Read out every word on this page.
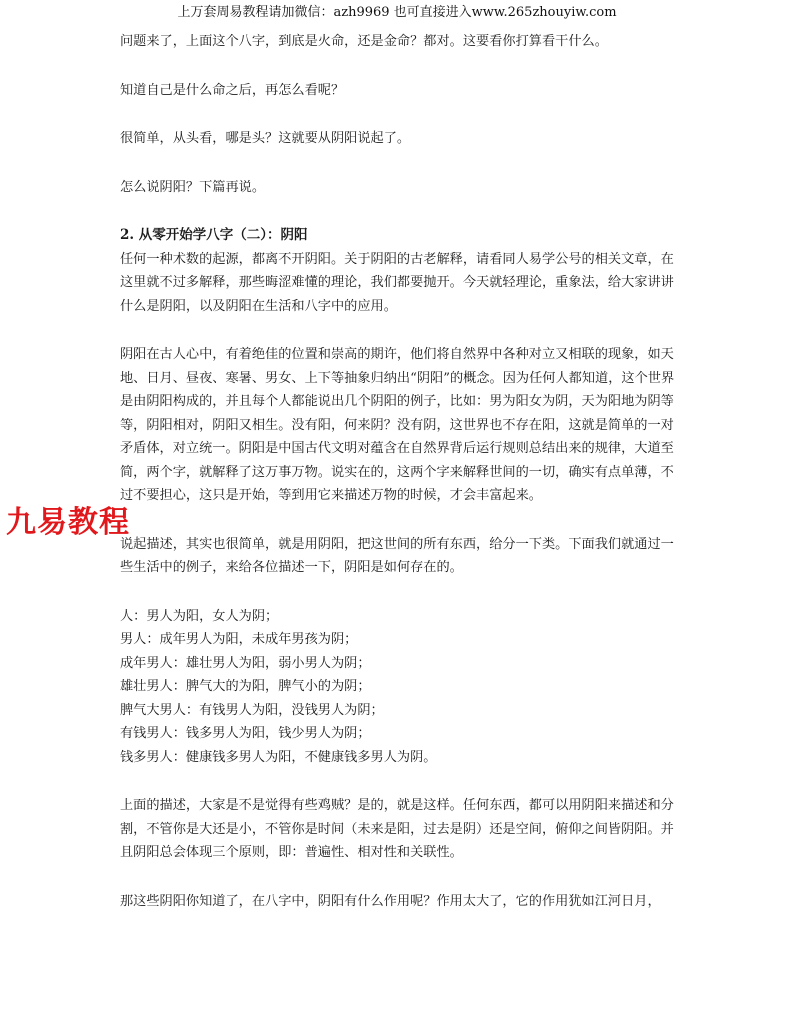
上万套周易教程请加微信：azh9969 也可直接进入www.265zhouyiw.com

问题来了，上面这个八字，到底是火命，还是金命？都对。这要看你打算看干什么。

知道自己是什么命之后，再怎么看呢？

很简单，从头看，哪是头？这就要从阴阳说起了。

怎么说阴阳？下篇再说。

2. 从零开始学八字（二）：阴阳

任何一种术数的起源，都离不开阴阳。关于阴阳的古老解释，请看同人易学公号的相关文章，在这里就不过多解释，那些晦涩难懂的理论，我们都要抛开。今天就轻理论，重象法，给大家讲讲什么是阴阳，以及阴阳在生活和八字中的应用。

阴阳在古人心中，有着绝佳的位置和崇高的期许，他们将自然界中各种对立又相联的现象，如天地、日月、昼夜、寒暑、男女、上下等抽象归纳出“阴阳”的概念。因为任何人都知道，这个世界是由阴阳构成的，并且每个人都能说出几个阴阳的例子，比如：男为阳女为阴，天为阳地为阴等等，阴阳相对，阴阳又相生。没有阳，何来阴？没有阴，这世界也不存在阳，这就是简单的一对矛盾体，对立统一。阴阳是中国古代文明对蕴含在自然界背后运行规则总结出来的规律，大道至简，两个字，就解释了这万事万物。说实在的，这两个字来解释世间的一切，确实有点单薄，不过不要担心，这只是开始，等到用它来描述万物的时候，才会丰富起来。

说起描述，其实也很简单，就是用阴阳，把这世间的所有东西，给分一下类。下面我们就通过一些生活中的例子，来给各位描述一下，阴阳是如何存在的。

人：男人为阳，女人为阴；
男人：成年男人为阳，未成年男孩为阴；
成年男人：雄壮男人为阳，弱小男人为阴；
雄壮男人：脾气大的为阳，脾气小的为阴；
脾气大男人：有钱男人为阳，没钱男人为阴；
有钱男人：钱多男人为阳，钱少男人为阴；
钱多男人：健康钱多男人为阳，不健康钱多男人为阴。

上面的描述，大家是不是觉得有些鸡贼？是的，就是这样。任何东西，都可以用阴阳来描述和分割，不管你是大还是小，不管你是时间（未来是阳，过去是阴）还是空间，俯仰之间皆阴阳。并且阴阳总会体现三个原则，即：普遍性、相对性和关联性。

那这些阴阳你知道了，在八字中，阴阳有什么作用呢？作用太大了，它的作用犹如江河日月，

九易教程
